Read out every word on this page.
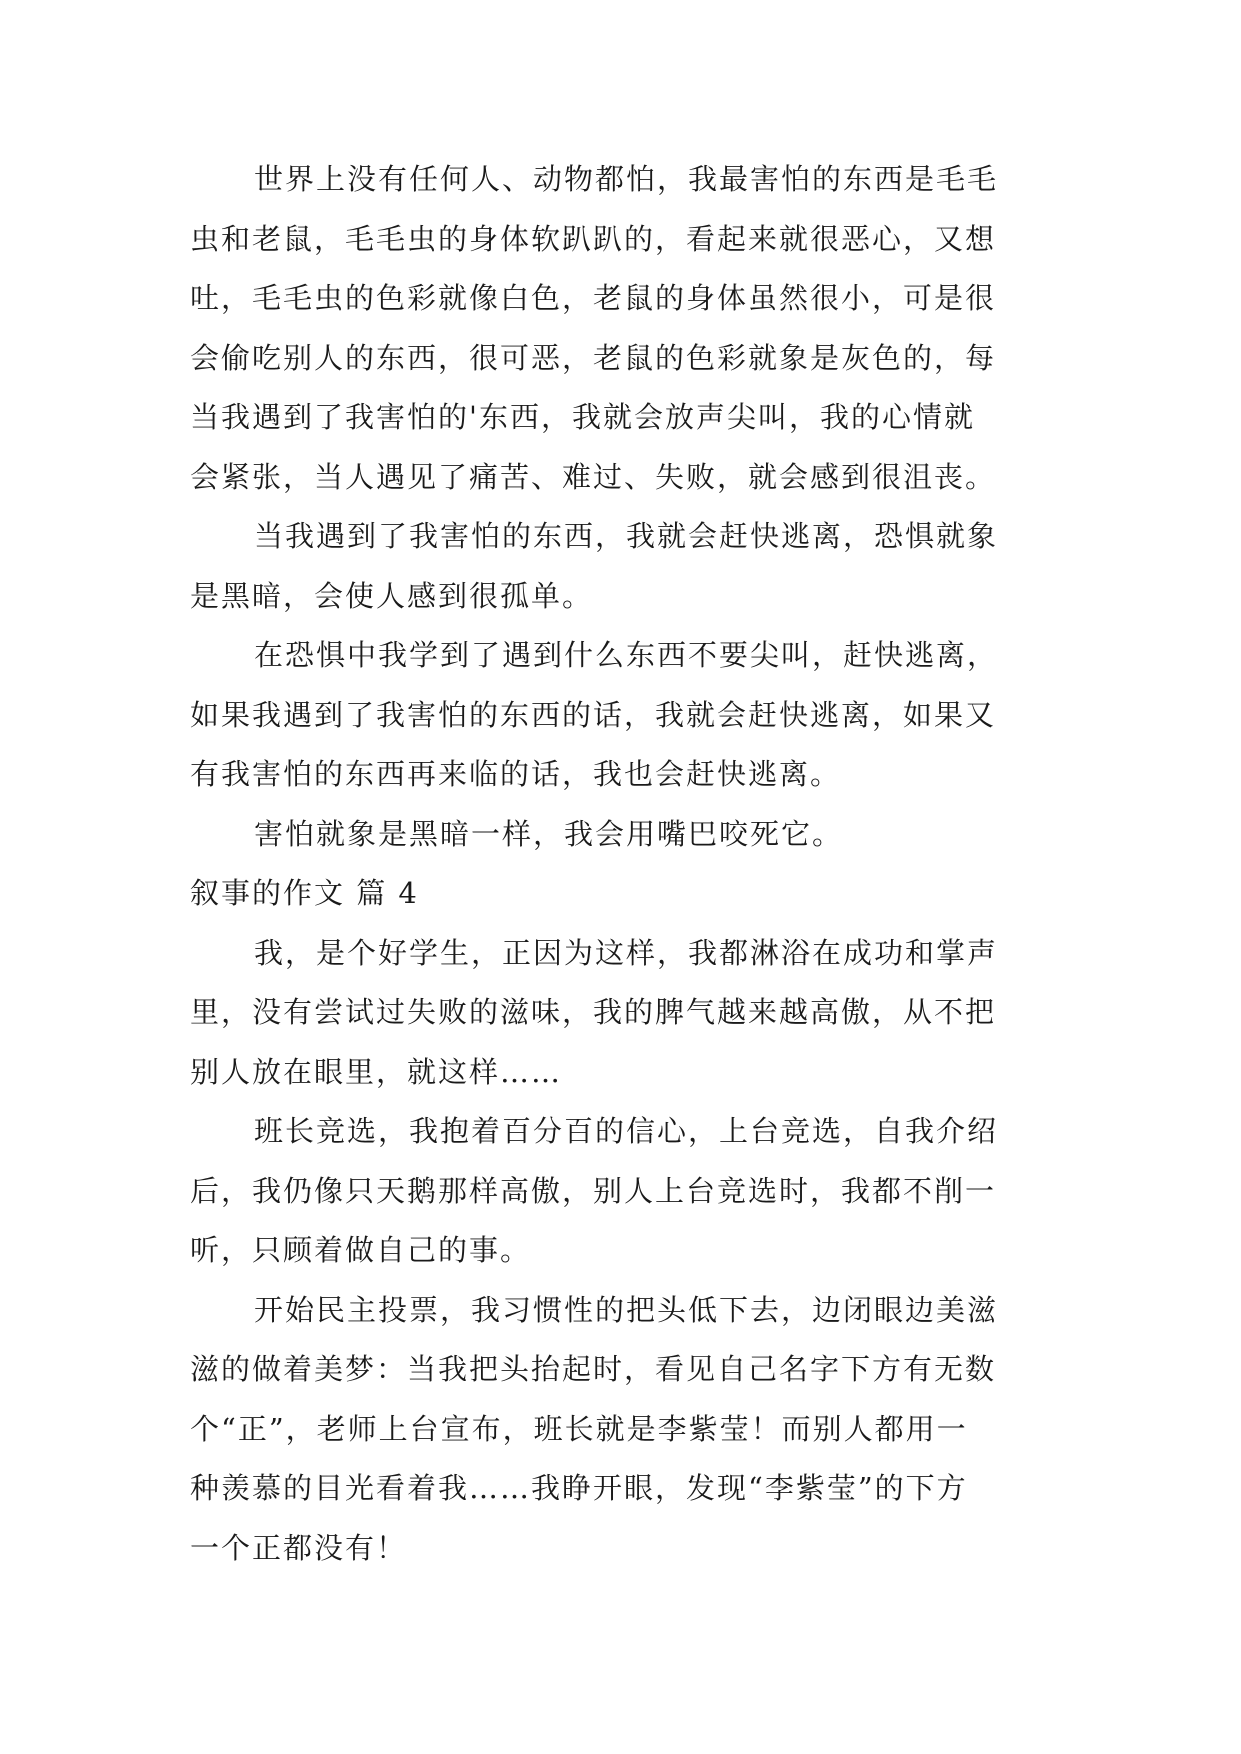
世界上没有任何人、动物都怕，我最害怕的东西是毛毛
虫和老鼠，毛毛虫的身体软趴趴的，看起来就很恶心，又想
吐，毛毛虫的色彩就像白色，老鼠的身体虽然很小，可是很
会偷吃别人的东西，很可恶，老鼠的色彩就象是灰色的，每
当我遇到了我害怕的'东西，我就会放声尖叫，我的心情就
会紧张，当人遇见了痛苦、难过、失败，就会感到很沮丧。
当我遇到了我害怕的东西，我就会赶快逃离，恐惧就象
是黑暗，会使人感到很孤单。
在恐惧中我学到了遇到什么东西不要尖叫，赶快逃离，
如果我遇到了我害怕的东西的话，我就会赶快逃离，如果又
有我害怕的东西再来临的话，我也会赶快逃离。
害怕就象是黑暗一样，我会用嘴巴咬死它。
叙事的作文 篇 4
我，是个好学生，正因为这样，我都淋浴在成功和掌声
里，没有尝试过失败的滋味，我的脾气越来越高傲，从不把
别人放在眼里，就这样……
班长竞选，我抱着百分百的信心，上台竞选，自我介绍
后，我仍像只天鹅那样高傲，别人上台竞选时，我都不削一
听，只顾着做自己的事。
开始民主投票，我习惯性的把头低下去，边闭眼边美滋
滋的做着美梦：当我把头抬起时，看见自己名字下方有无数
个“正”，老师上台宣布，班长就是李紫莹！而别人都用一
种羡慕的目光看着我……我睁开眼，发现“李紫莹”的下方
一个正都没有！
